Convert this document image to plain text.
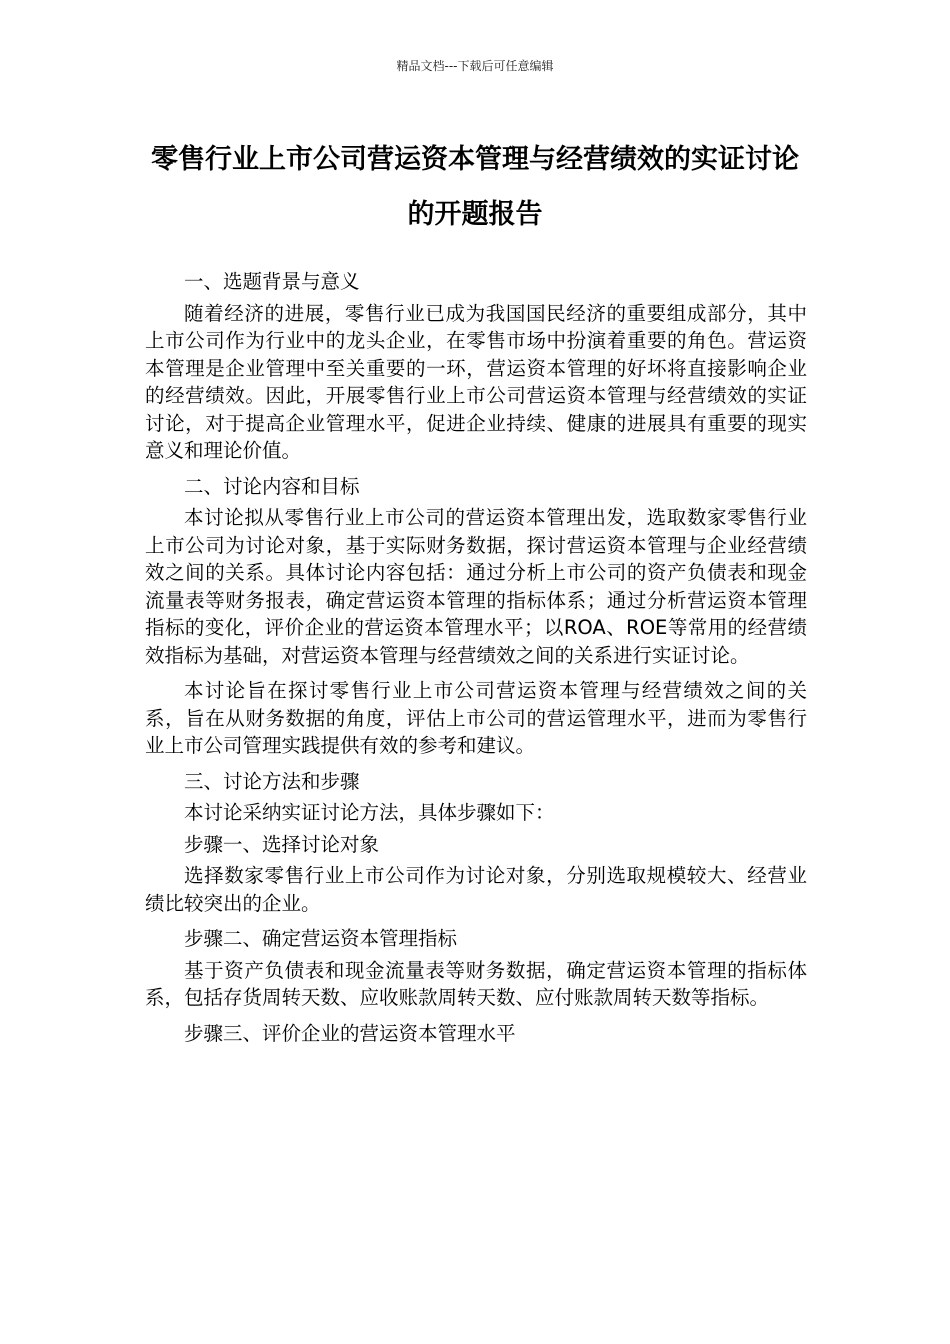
精品文档---下载后可任意编辑
零售行业上市公司营运资本管理与经营绩效的实证讨论的开题报告

一、选题背景与意义

随着经济的进展，零售行业已成为我国国民经济的重要组成部分，其中上市公司作为行业中的龙头企业，在零售市场中扮演着重要的角色。营运资本管理是企业管理中至关重要的一环，营运资本管理的好坏将直接影响企业的经营绩效。因此，开展零售行业上市公司营运资本管理与经营绩效的实证讨论，对于提高企业管理水平，促进企业持续、健康的进展具有重要的现实意义和理论价值。

二、讨论内容和目标

本讨论拟从零售行业上市公司的营运资本管理出发，选取数家零售行业上市公司为讨论对象，基于实际财务数据，探讨营运资本管理与企业经营绩效之间的关系。具体讨论内容包括：通过分析上市公司的资产负债表和现金流量表等财务报表，确定营运资本管理的指标体系；通过分析营运资本管理指标的变化，评价企业的营运资本管理水平；以ROA、ROE等常用的经营绩效指标为基础，对营运资本管理与经营绩效之间的关系进行实证讨论。

本讨论旨在探讨零售行业上市公司营运资本管理与经营绩效之间的关系，旨在从财务数据的角度，评估上市公司的营运管理水平，进而为零售行业上市公司管理实践提供有效的参考和建议。

三、讨论方法和步骤

本讨论采纳实证讨论方法，具体步骤如下：

步骤一、选择讨论对象

选择数家零售行业上市公司作为讨论对象，分别选取规模较大、经营业绩比较突出的企业。

步骤二、确定营运资本管理指标

基于资产负债表和现金流量表等财务数据，确定营运资本管理的指标体系，包括存货周转天数、应收账款周转天数、应付账款周转天数等指标。

步骤三、评价企业的营运资本管理水平
